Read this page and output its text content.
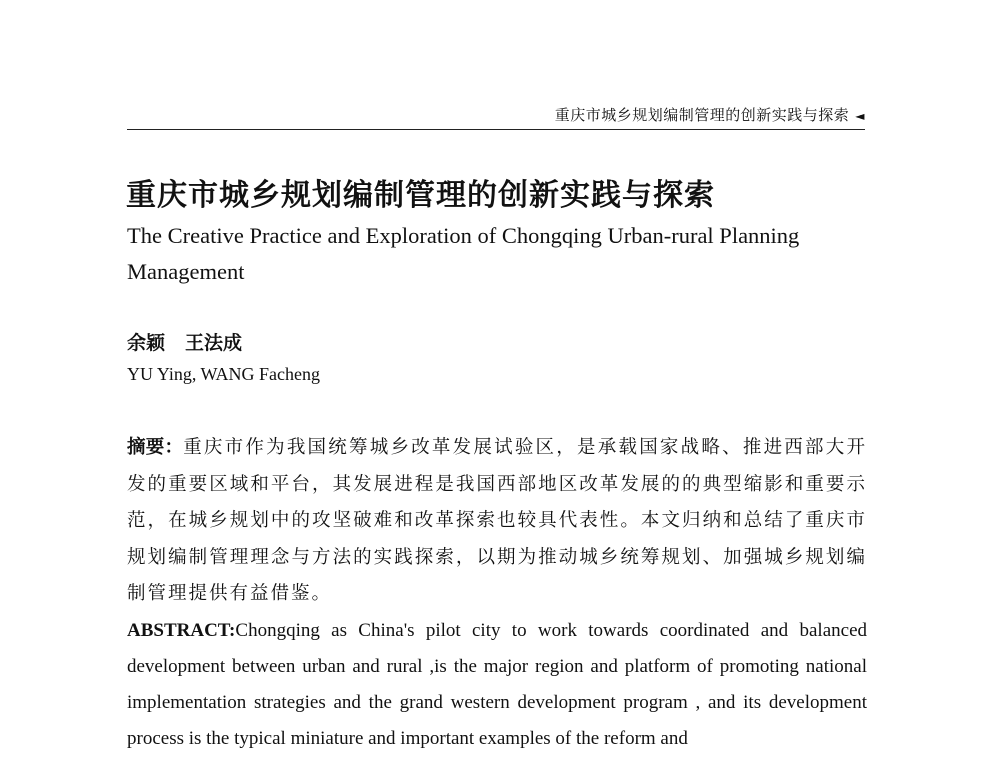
重庆市城乡规划编制管理的创新实践与探索 ◄
重庆市城乡规划编制管理的创新实践与探索
The Creative Practice and Exploration of Chongqing Urban-rural Planning Management
余颖 王法成
YU Ying, WANG Facheng
摘要：重庆市作为我国统筹城乡改革发展试验区，是承载国家战略、推进西部大开发的重要区域和平台，其发展进程是我国西部地区改革发展的的典型缩影和重要示范，在城乡规划中的攻坚破难和改革探索也较具代表性。本文归纳和总结了重庆市规划编制管理理念与方法的实践探索，以期为推动城乡统筹规划、加强城乡规划编制管理提供有益借鉴。
ABSTRACT:Chongqing as China's pilot city to work towards coordinated and balanced development between urban and rural ,is the major region and platform of promoting national implementation strategies and the grand western development program , and its development process is the typical miniature and important examples of the reform and
